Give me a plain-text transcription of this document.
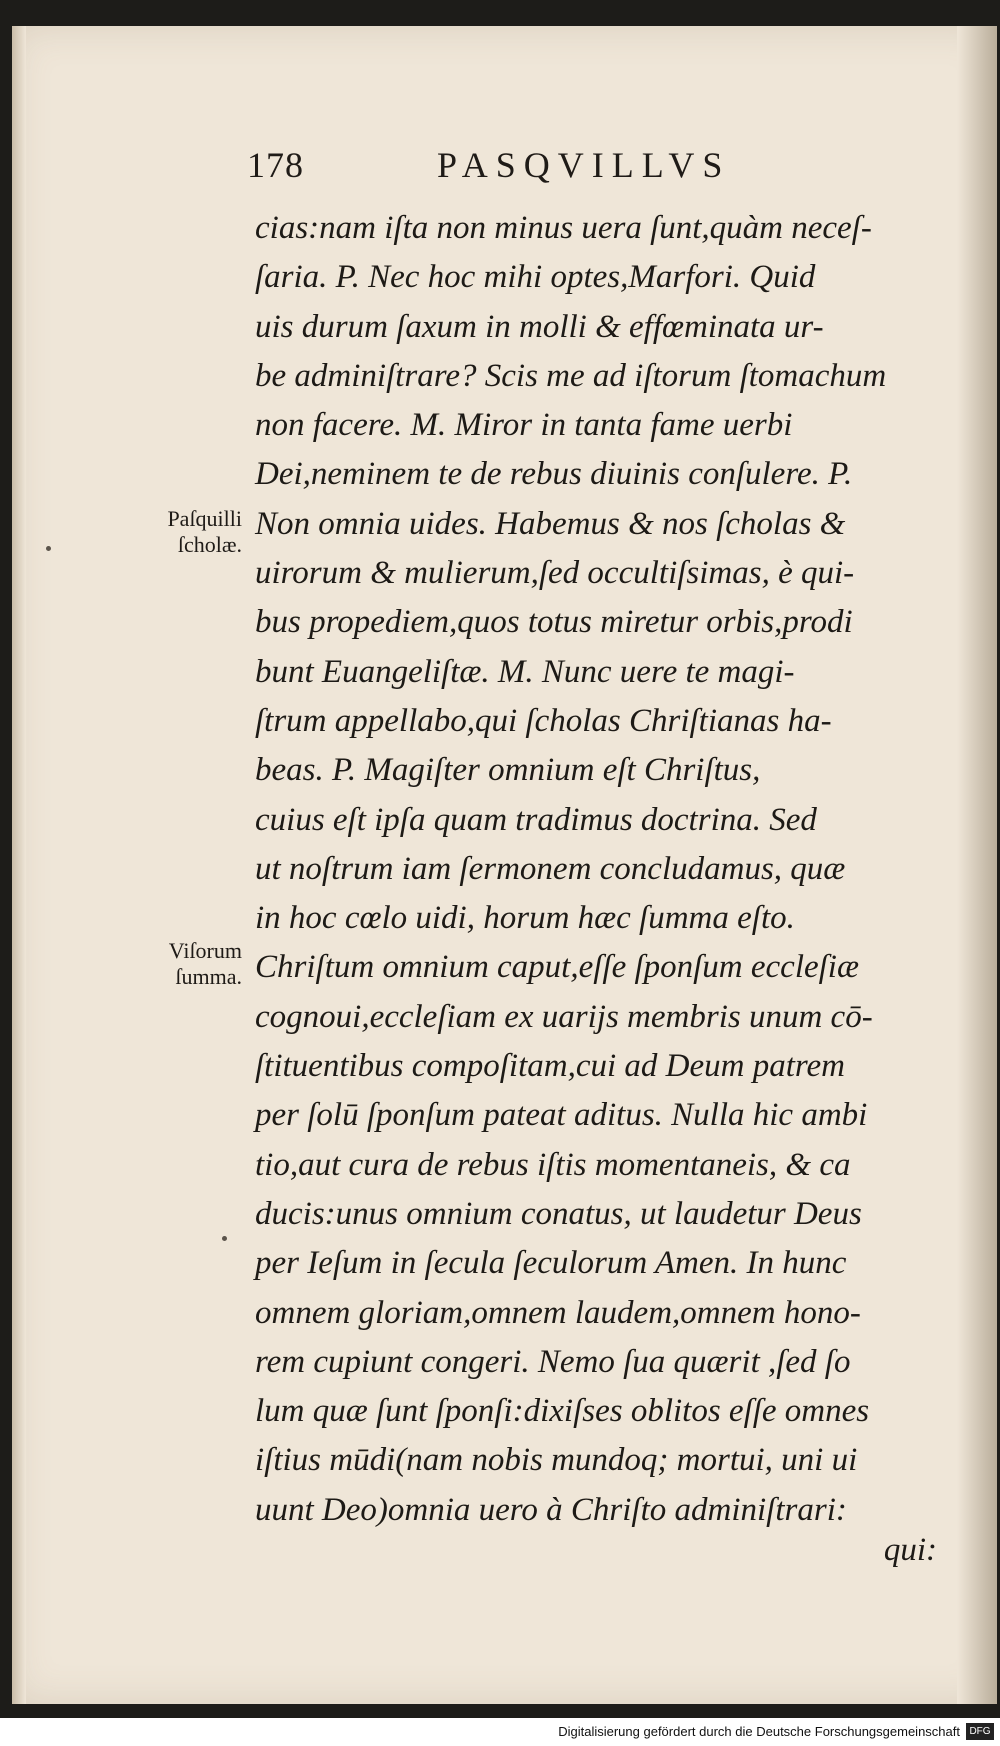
178	PASQVILLVS
Paſquilli ſcholæ.
Viſorum ſumma.
cias:nam iſta non minus uera ſunt,quàm neceſ-
ſaria. P. Nec hoc mihi optes,Marfori. Quid
uis durum ſaxum in molli & effœminata ur-
be adminiſtrare? Scis me ad iſtorum ſtomachum
non facere. M. Miror in tanta fame uerbi
Dei,neminem te de rebus diuinis conſulere. P.
Non omnia uides. Habemus & nos ſcholas &
uirorum & mulierum,ſed occultiſsimas, è qui-
bus propediem,quos totus miretur orbis,prodi
bunt Euangeliſtæ. M. Nunc uere te magi-
ſtrum appellabo,qui ſcholas Chriſtianas ha-
beas. P. Magiſter omnium eſt Chriſtus,
cuius eſt ipſa quam tradimus doctrina. Sed
ut noſtrum iam ſermonem concludamus, quæ
in hoc cœlo uidi, horum hæc ſumma eſto.
Chriſtum omnium caput,eſſe ſponſum eccleſiæ
cognoui,eccleſiam ex uarijs membris unum cō-
ſtituentibus compoſitam,cui ad Deum patrem
per ſolū ſponſum pateat aditus. Nulla hic ambi
tio,aut cura de rebus iſtis momentaneis, & ca
ducis:unus omnium conatus, ut laudetur Deus
per Ieſum in ſecula ſeculorum Amen. In hunc
omnem gloriam,omnem laudem,omnem hono-
rem cupiunt congeri. Nemo ſua quærit ,ſed ſo
lum quæ ſunt ſponſi:dixiſses oblitos eſſe omnes
iſtius mūdi(nam nobis mundoq; mortui, uni ui
uunt Deo)omnia uero à Chriſto adminiſtrari:
qui:
Digitalisierung gefördert durch die Deutsche Forschungsgemeinschaft DFG
